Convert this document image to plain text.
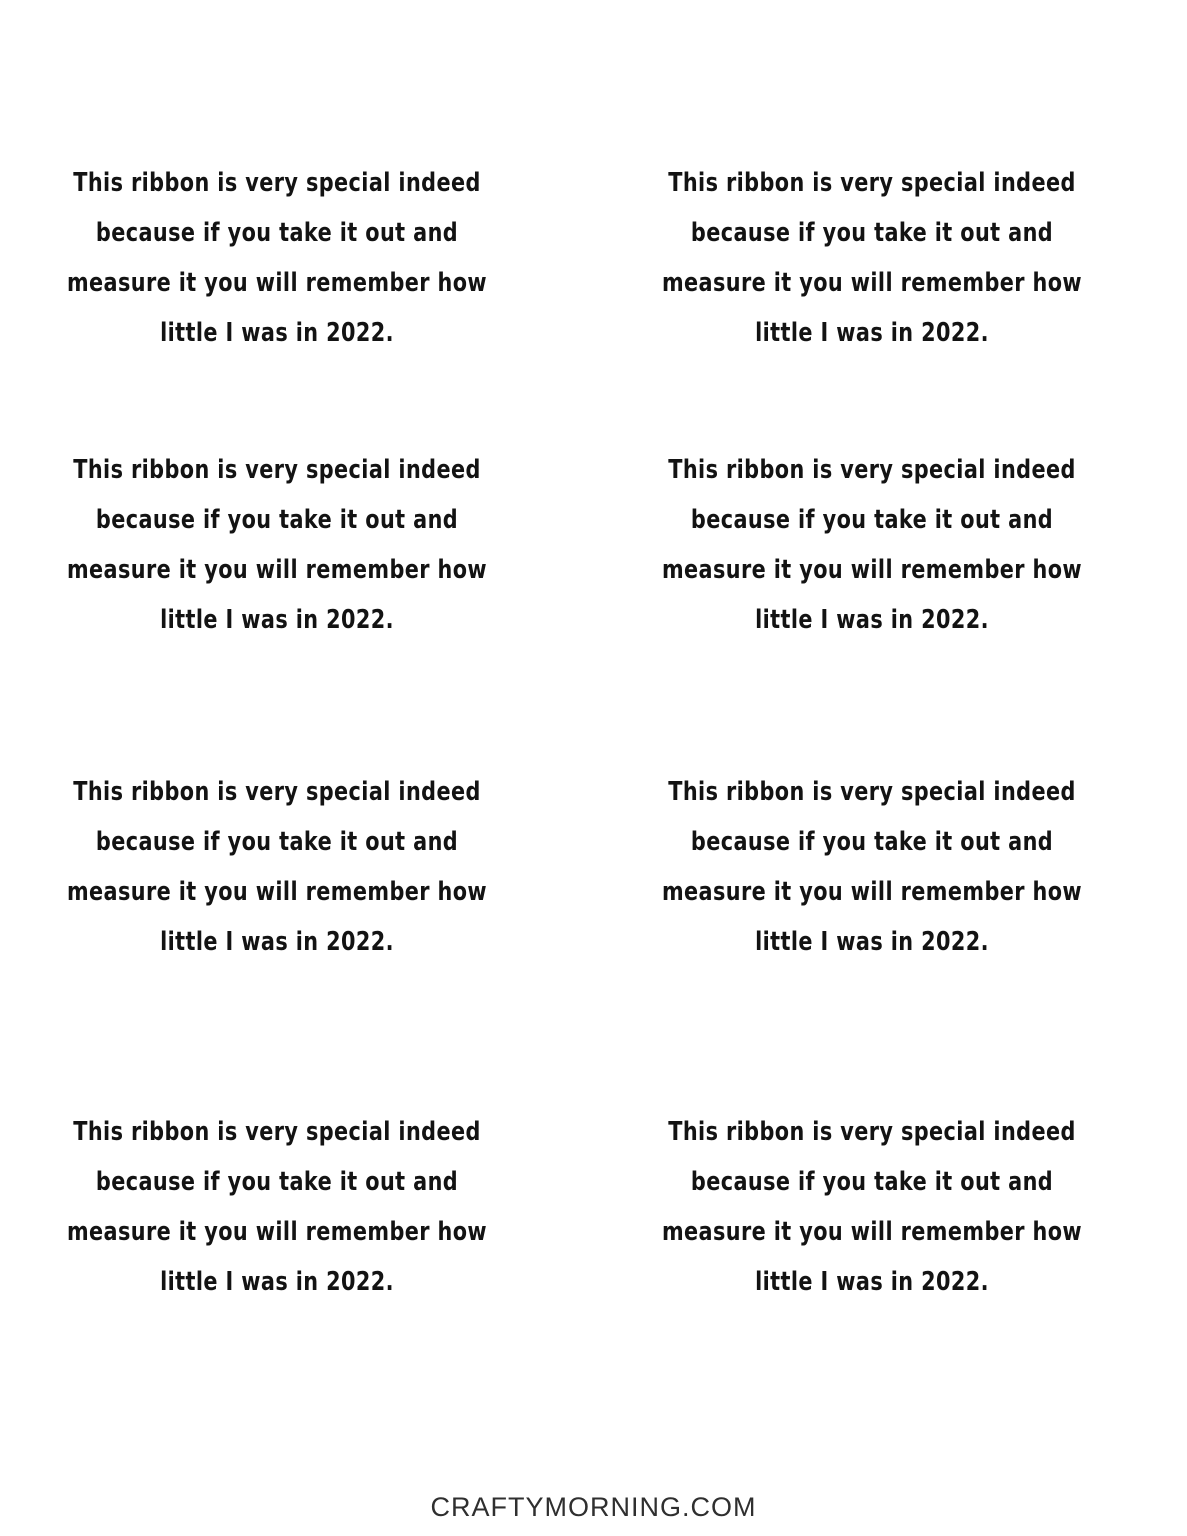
This ribbon is very special indeed
because if you take it out and
measure it you will remember how
little I was in 2022.
This ribbon is very special indeed
because if you take it out and
measure it you will remember how
little I was in 2022.
This ribbon is very special indeed
because if you take it out and
measure it you will remember how
little I was in 2022.
This ribbon is very special indeed
because if you take it out and
measure it you will remember how
little I was in 2022.
This ribbon is very special indeed
because if you take it out and
measure it you will remember how
little I was in 2022.
This ribbon is very special indeed
because if you take it out and
measure it you will remember how
little I was in 2022.
This ribbon is very special indeed
because if you take it out and
measure it you will remember how
little I was in 2022.
This ribbon is very special indeed
because if you take it out and
measure it you will remember how
little I was in 2022.
CRAFTYMORNING.COM
